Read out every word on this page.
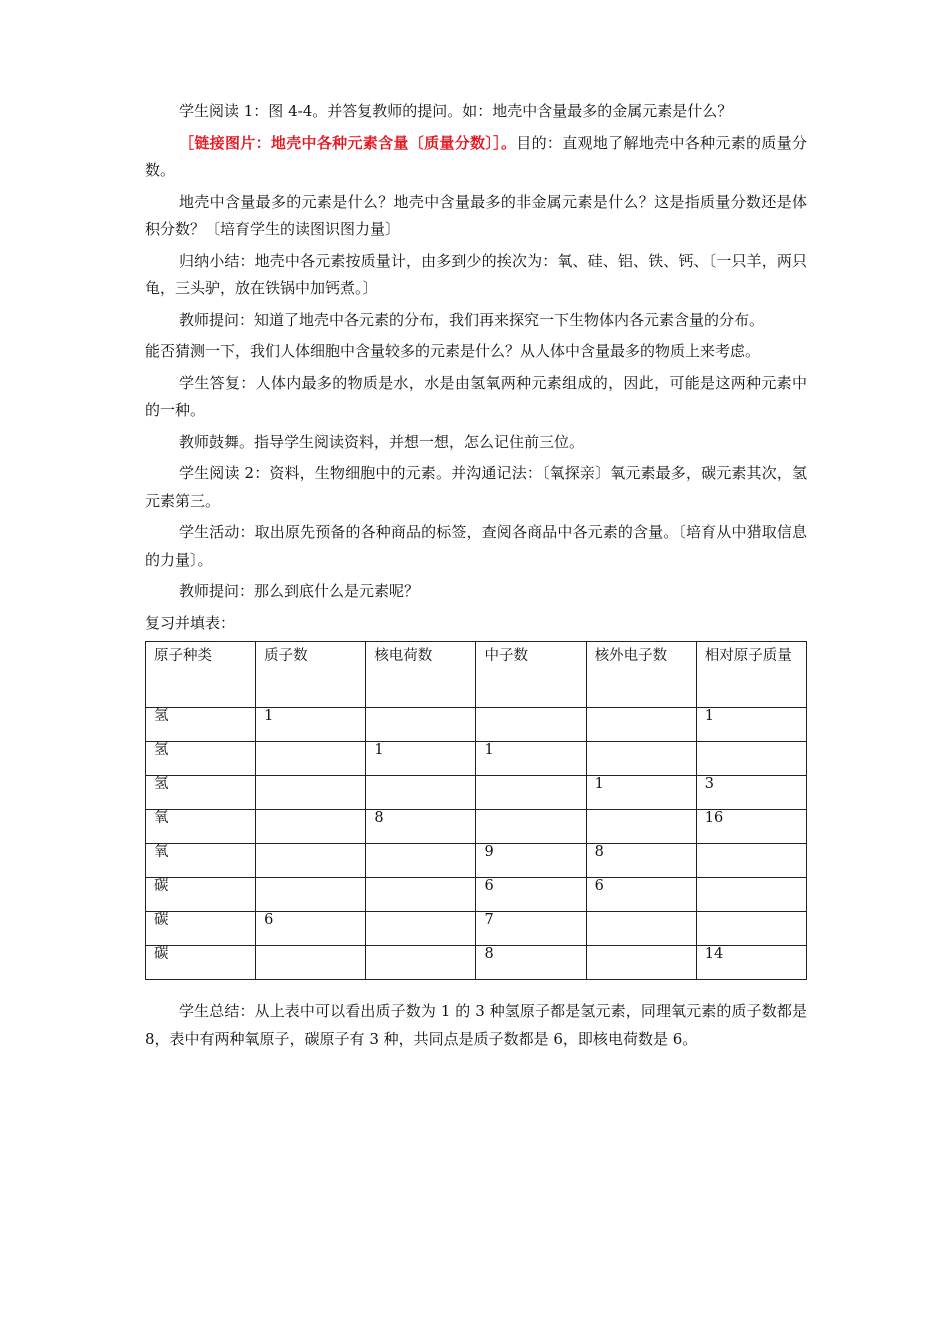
学生阅读 1：图 4-4。并答复教师的提问。如：地壳中含量最多的金属元素是什么？

［链接图片：地壳中各种元素含量〔质量分数〕］。目的：直观地了解地壳中各种元素的质量分数。

地壳中含量最多的元素是什么？地壳中含量最多的非金属元素是什么？这是指质量分数还是体积分数？〔培育学生的读图识图力量〕

归纳小结：地壳中各元素按质量计，由多到少的挨次为：氧、硅、铝、铁、钙、〔一只羊，两只龟，三头驴，放在铁锅中加钙煮。〕

教师提问：知道了地壳中各元素的分布，我们再来探究一下生物体内各元素含量的分布。

能否猜测一下，我们人体细胞中含量较多的元素是什么？从人体中含量最多的物质上来考虑。

学生答复：人体内最多的物质是水，水是由氢氧两种元素组成的，因此，可能是这两种元素中的一种。

教师鼓舞。指导学生阅读资料，并想一想，怎么记住前三位。

学生阅读 2：资料，生物细胞中的元素。并沟通记法：〔氧探亲〕氧元素最多，碳元素其次，氢元素第三。

学生活动：取出原先预备的各种商品的标签，查阅各商品中各元素的含量。〔培育从中猎取信息的力量〕。

教师提问：那么到底什么是元素呢？

复习并填表：

原子种类	质子数	核电荷数	中子数	核外电子数	相对原子质量

氢	1				1

氢		1	1		

氢				1	3

氧		8			16

氧			9	8	

碳			6	6	

碳	6		7		

碳			8		14

学生总结：从上表中可以看出质子数为 1 的 3 种氢原子都是氢元素，同理氧元素的质子数都是 8，表中有两种氧原子，碳原子有 3 种，共同点是质子数都是 6，即核电荷数是 6。
